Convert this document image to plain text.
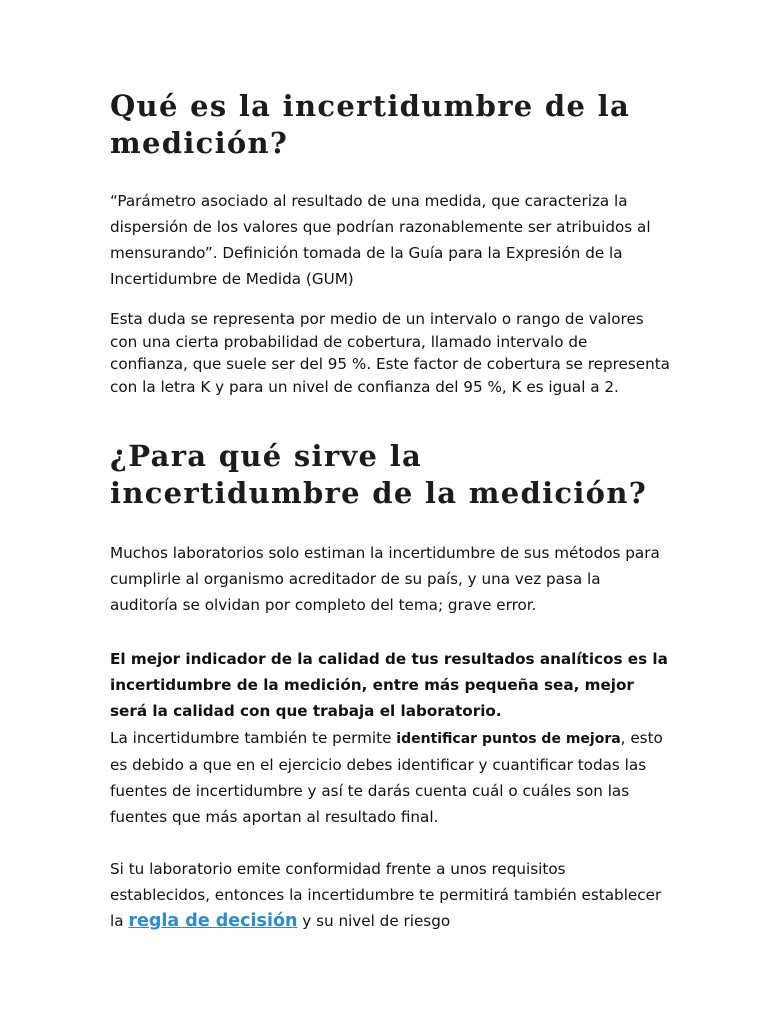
Qué es la incertidumbre de la medición?

“Parámetro asociado al resultado de una medida, que caracteriza la dispersión de los valores que podrían razonablemente ser atribuidos al mensurando”. Definición tomada de la Guía para la Expresión de la Incertidumbre de Medida (GUM)

Esta duda se representa por medio de un intervalo o rango de valores con una cierta probabilidad de cobertura, llamado intervalo de confianza, que suele ser del 95 %. Este factor de cobertura se representa con la letra K y para un nivel de confianza del 95 %, K es igual a 2.

¿Para qué sirve la incertidumbre de la medición?

Muchos laboratorios solo estiman la incertidumbre de sus métodos para cumplirle al organismo acreditador de su país, y una vez pasa la auditoría se olvidan por completo del tema; grave error.

El mejor indicador de la calidad de tus resultados analíticos es la incertidumbre de la medición, entre más pequeña sea, mejor será la calidad con que trabaja el laboratorio.

La incertidumbre también te permite identificar puntos de mejora, esto es debido a que en el ejercicio debes identificar y cuantificar todas las fuentes de incertidumbre y así te darás cuenta cuál o cuáles son las fuentes que más aportan al resultado final.

Si tu laboratorio emite conformidad frente a unos requisitos establecidos, entonces la incertidumbre te permitirá también establecer la regla de decisión y su nivel de riesgo
